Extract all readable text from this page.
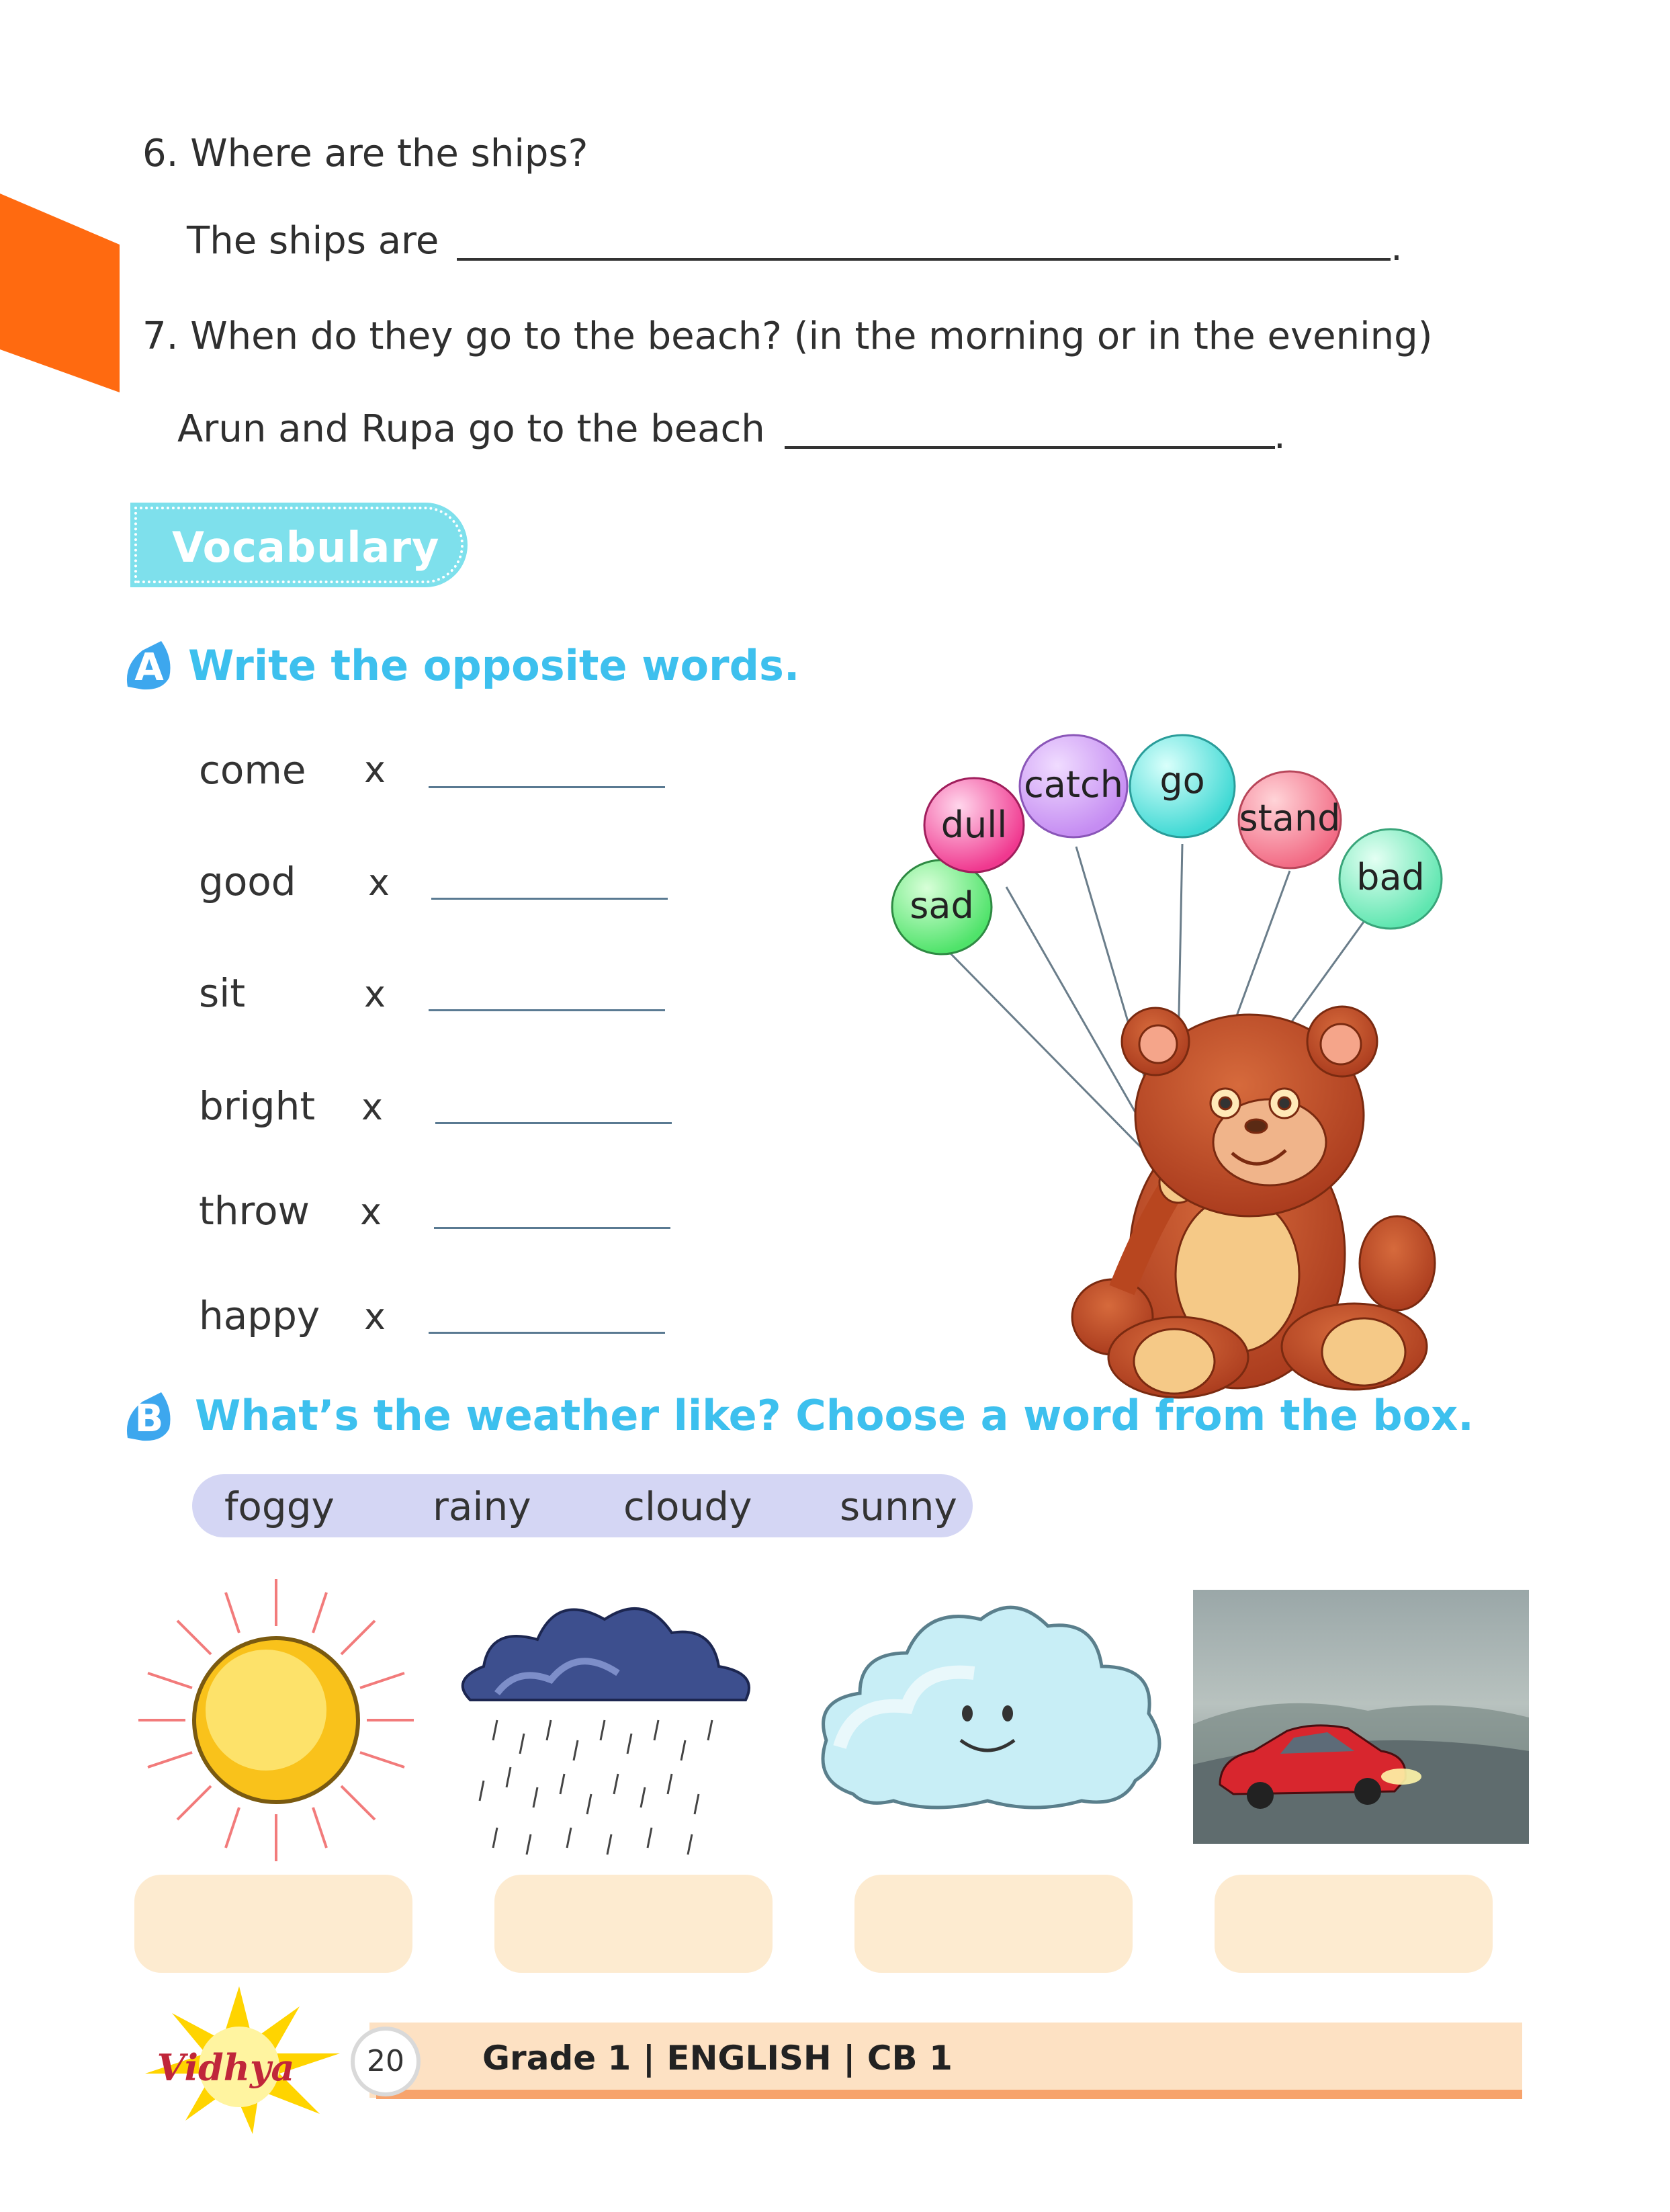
6. Where are the ships?
The ships are	.
7. When do they go to the beach? (in the morning or in the evening)
Arun and Rupa go to the beach	.
Vocabulary
A Write the opposite words.
come x
good x
sit	x
bright x
throw x
happy x
sad
dull
catch go
stand
bad
B What’s the weather like? Choose a word from the box.
foggy	rainy cloudy sunny
Vidhya	20	Grade 1 | ENGLISH | CB 1
